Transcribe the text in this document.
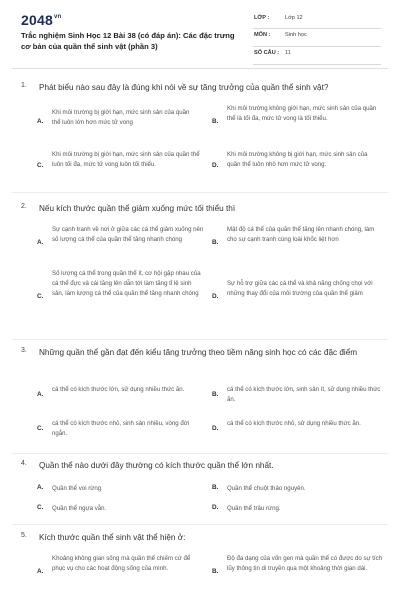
$2048^{vn}$
Trắc nghiệm Sinh Học 12 Bài 38 (có đáp án): Các đặc trưng cơ bản của quần thể sinh vật (phần 3)
LỚP :	Lớp 12
MÔN :	Sinh học
SỐ CÂU : 11
1. Phát biểu nào sau đây là đúng khi nói về sự tăng trưởng của quần thể sinh vật?
A.
Khi môi trường bị giới hạn, mức sinh sản của quần thể luôn lớn hơn mức tử vong	B.
Khi môi trường không giới hạn, mức sinh sản của quần thể là tối đa, mức tử vong là tối thiểu.
C.
Khi môi trường bị giới hạn, mức sinh sản của quần thể luôn tối đa, mức tử vong luôn tối thiểu.	D.
Khi môi trường không bị giới hạn, mức sinh sản của quần thể luôn nhỏ hơn mức tử vong.
2. Nếu kích thước quần thể giảm xuống mức tối thiểu thì
A.
Sự cạnh tranh về nơi ở giữa các cá thể giảm xuống nên số lượng cá thể của quần thể tăng nhanh chóng	B.
Mật độ cá thể của quần thể tăng lên nhanh chóng, làm cho sự cạnh tranh cùng loài khốc liệt hơn
C.
Số lượng cá thể trong quần thể ít, cơ hội gặp nhau của cá thể đực và cái tăng lên dẫn tới làm tăng tỉ lệ sinh sản, làm lượng cá thể của quần thể tăng nhanh chóng	D.
Sự hỗ trợ giữa các cá thể và khả năng chống chọi với những thay đổi của môi trường của quần thể giảm
3. Những quần thể gần đạt đến kiểu tăng trưởng theo tiềm năng sinh học có các đặc điểm
A.
cá thể có kích thước lớn, sử dụng nhiều thức ăn.
B.
cá thể có kích thước lớn, sinh sản ít, sử dụng nhiều thức ăn.
C.
cá thể có kích thước nhỏ, sinh sản nhiều, vòng đời ngắn.
D.
cá thể có kích thước nhỏ, sử dụng nhiều thức ăn.
4. Quần thể nào dưới đây thường có kích thước quần thể lớn nhất.
A. Quần thể voi rừng	B. Quần thể chuột thảo nguyên.
C. Quần thể ngựa vằn.	D. Quần thể trâu rừng.
5. Kích thước quần thể sinh vật thể hiện ở:
A.
Khoảng không gian sống mà quần thể chiếm cứ để phục vụ cho các hoạt động sống của mình.	B.
Độ đa dạng của vốn gen mà quần thể có được do sự tích lũy thông tin di truyền qua một khoảng thời gian dài.
